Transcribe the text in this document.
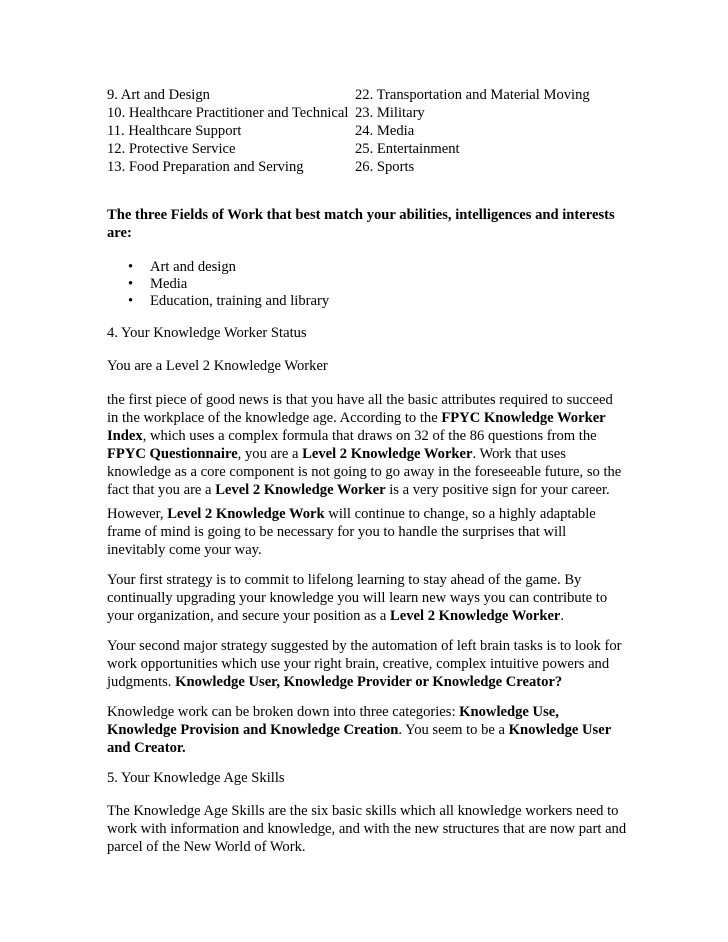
9. Art and Design	22. Transportation and Material Moving
10. Healthcare Practitioner and Technical 23. Military
11. Healthcare Support	24. Media
12. Protective Service	25. Entertainment
13. Food Preparation and Serving	26. Sports
The three Fields of Work that best match your abilities, intelligences and interests
are:
• Art and design
• Media
• Education, training and library
4. Your Knowledge Worker Status
You are a Level 2 Knowledge Worker
the first piece of good news is that you have all the basic attributes required to succeed in the workplace of the knowledge age. According to the FPYC Knowledge Worker Index, which uses a complex formula that draws on 32 of the 86 questions from the FPYC Questionnaire, you are a Level 2 Knowledge Worker. Work that uses knowledge as a core component is not going to go away in the foreseeable future, so the fact that you are a Level 2 Knowledge Worker is a very positive sign for your career.
However, Level 2 Knowledge Work will continue to change, so a highly adaptable frame of mind is going to be necessary for you to handle the surprises that will inevitably come your way.
Your first strategy is to commit to lifelong learning to stay ahead of the game. By continually upgrading your knowledge you will learn new ways you can contribute to your organization, and secure your position as a Level 2 Knowledge Worker.
Your second major strategy suggested by the automation of left brain tasks is to look for work opportunities which use your right brain, creative, complex intuitive powers and judgments. Knowledge User, Knowledge Provider or Knowledge Creator?
Knowledge work can be broken down into three categories: Knowledge Use, Knowledge Provision and Knowledge Creation. You seem to be a Knowledge User and Creator.
5. Your Knowledge Age Skills
The Knowledge Age Skills are the six basic skills which all knowledge workers need to work with information and knowledge, and with the new structures that are now part and parcel of the New World of Work.
